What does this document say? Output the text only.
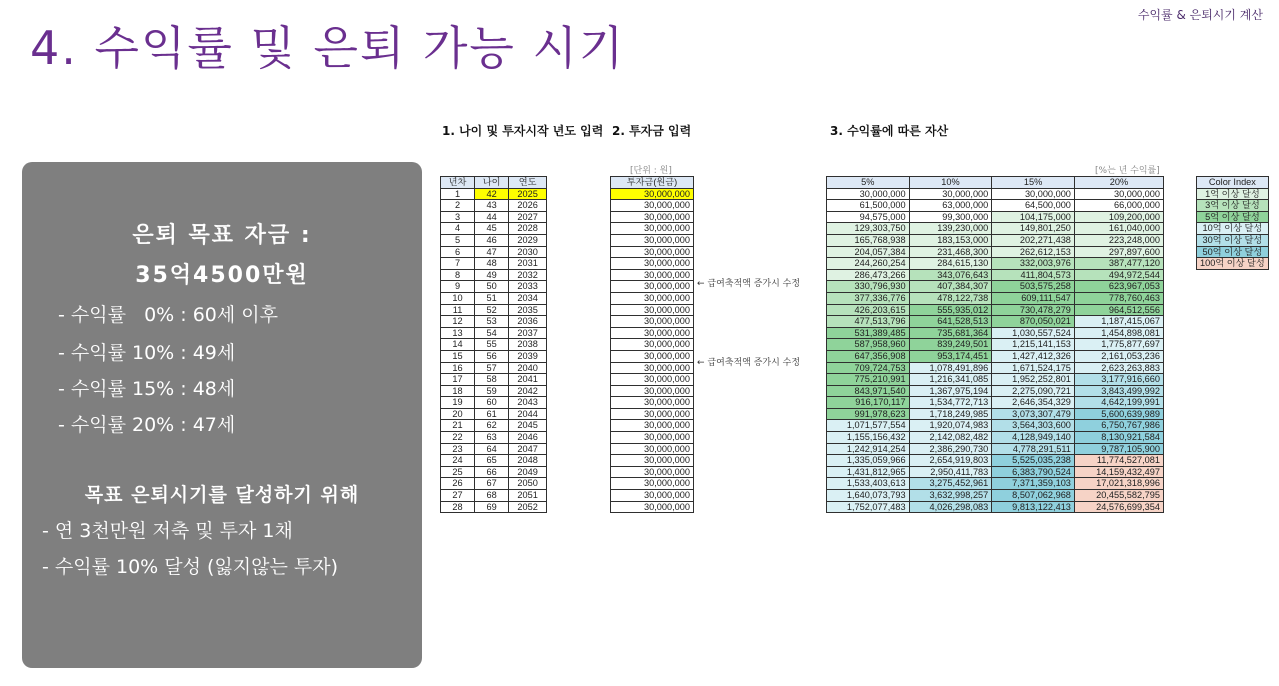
수익률 & 은퇴시기 계산
4. 수익률 및 은퇴 가능 시기
은퇴 목표 자금 :
35억4500만원
- 수익률   0% : 60세 이후
- 수익률 10% : 49세
- 수익률 15% : 48세
- 수익률 20% : 47세
목표 은퇴시기를 달성하기 위해
- 연 3천만원 저축 및 투자 1채
- 수익률 10% 달성 (잃지않는 투자)
1. 나이 및 투자시작 년도 입력 2. 투자금 입력	3. 수익률에 따른 자산
[단위 : 원]	[%는 년 수익률]
년차	나이	연도
1	42	2025
2	43	2026
3	44	2027
4	45	2028
5	46	2029
6	47	2030
7	48	2031
8	49	2032
9	50	2033
10	51	2034
11	52	2035
12	53	2036
13	54	2037
14	55	2038
15	56	2039
16	57	2040
17	58	2041
18	59	2042
19	60	2043
20	61	2044
21	62	2045
22	63	2046
23	64	2047
24	65	2048
25	66	2049
26	67	2050
27	68	2051
28	69	2052
투자금(원금)
30,000,000
30,000,000
30,000,000
30,000,000
30,000,000
30,000,000
30,000,000
30,000,000
30,000,000
30,000,000
30,000,000
30,000,000
30,000,000
30,000,000
30,000,000
30,000,000
30,000,000
30,000,000
30,000,000
30,000,000
30,000,000
30,000,000
30,000,000
30,000,000
30,000,000
30,000,000
30,000,000
30,000,000
← 급여축적액 증가시 수정
← 급여축적액 증가시 수정
5%	10%	15%	20%
30,000,000	30,000,000	30,000,000	30,000,000
61,500,000	63,000,000	64,500,000	66,000,000
94,575,000	99,300,000	104,175,000	109,200,000
129,303,750	139,230,000	149,801,250	161,040,000
165,768,938	183,153,000	202,271,438	223,248,000
204,057,384	231,468,300	262,612,153	297,897,600
244,260,254	284,615,130	332,003,976	387,477,120
286,473,266	343,076,643	411,804,573	494,972,544
330,796,930	407,384,307	503,575,258	623,967,053
377,336,776	478,122,738	609,111,547	778,760,463
426,203,615	555,935,012	730,478,279	964,512,556
477,513,796	641,528,513	870,050,021	1,187,415,067
531,389,485	735,681,364	1,030,557,524	1,454,898,081
587,958,960	839,249,501	1,215,141,153	1,775,877,697
647,356,908	953,174,451	1,427,412,326	2,161,053,236
709,724,753	1,078,491,896	1,671,524,175	2,623,263,883
775,210,991	1,216,341,085	1,952,252,801	3,177,916,660
843,971,540	1,367,975,194	2,275,090,721	3,843,499,992
916,170,117	1,534,772,713	2,646,354,329	4,642,199,991
991,978,623	1,718,249,985	3,073,307,479	5,600,639,989
1,071,577,554	1,920,074,983	3,564,303,600	6,750,767,986
1,155,156,432	2,142,082,482	4,128,949,140	8,130,921,584
1,242,914,254	2,386,290,730	4,778,291,511	9,787,105,900
1,335,059,966	2,654,919,803	5,525,035,238	11,774,527,081
1,431,812,965	2,950,411,783	6,383,790,524	14,159,432,497
1,533,403,613	3,275,452,961	7,371,359,103	17,021,318,996
1,640,073,793	3,632,998,257	8,507,062,968	20,455,582,795
1,752,077,483	4,026,298,083	9,813,122,413	24,576,699,354
Color Index
1억 이상 달성
3억 이상 달성
5억 이상 달성
10억 이상 달성
30억 이상 달성
50억 이상 달성
100억 이상 달성
